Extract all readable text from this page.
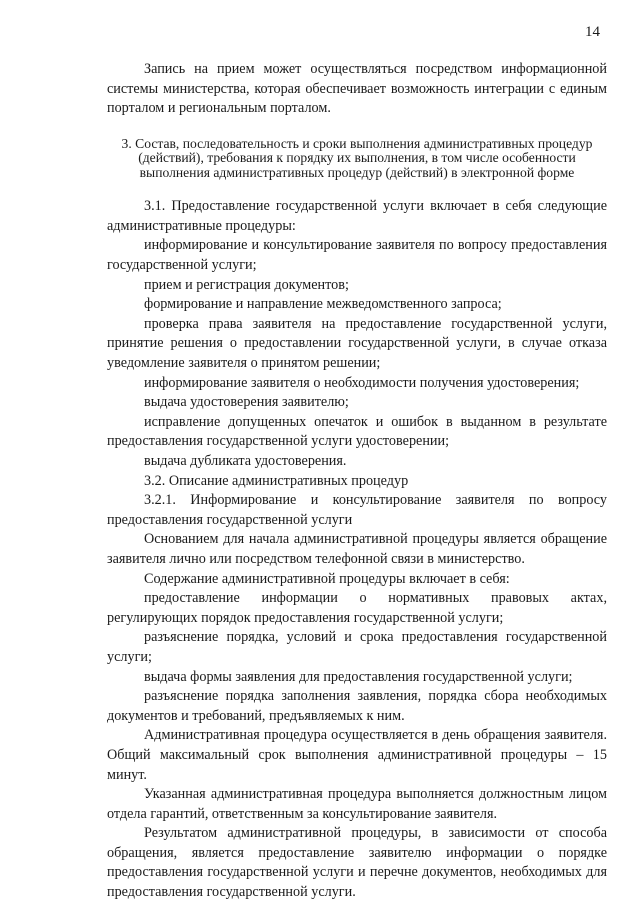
14

Запись на прием может осуществляться посредством информационной системы министерства, которая обеспечивает возможность интеграции с единым порталом и региональным порталом.

3. Состав, последовательность и сроки выполнения административных процедур (действий), требования к порядку их выполнения, в том числе особенности выполнения административных процедур (действий) в электронной форме

3.1. Предоставление государственной услуги включает в себя следующие административные процедуры:

информирование и консультирование заявителя по вопросу предоставления государственной услуги;

прием и регистрация документов;

формирование и направление межведомственного запроса;

проверка права заявителя на предоставление государственной услуги, принятие решения о предоставлении государственной услуги, в случае отказа уведомление заявителя о принятом решении;

информирование заявителя о необходимости получения удостоверения;

выдача удостоверения заявителю;

исправление допущенных опечаток и ошибок в выданном в результате предоставления государственной услуги удостоверении;

выдача дубликата удостоверения.

3.2. Описание административных процедур

3.2.1. Информирование и консультирование заявителя по вопросу предоставления государственной услуги

Основанием для начала административной процедуры является обращение заявителя лично или посредством телефонной связи в министерство.

Содержание административной процедуры включает в себя:

предоставление информации о нормативных правовых актах, регулирующих порядок предоставления государственной услуги;

разъяснение порядка, условий и срока предоставления государственной услуги;

выдача формы заявления для предоставления государственной услуги;

разъяснение порядка заполнения заявления, порядка сбора необходимых документов и требований, предъявляемых к ним.

Административная процедура осуществляется в день обращения заявителя. Общий максимальный срок выполнения административной процедуры – 15 минут.

Указанная административная процедура выполняется должностным лицом отдела гарантий, ответственным за консультирование заявителя.

Результатом административной процедуры, в зависимости от способа обращения, является предоставление заявителю информации о порядке предоставления государственной услуги и перечне документов, необходимых для предоставления государственной услуги.
